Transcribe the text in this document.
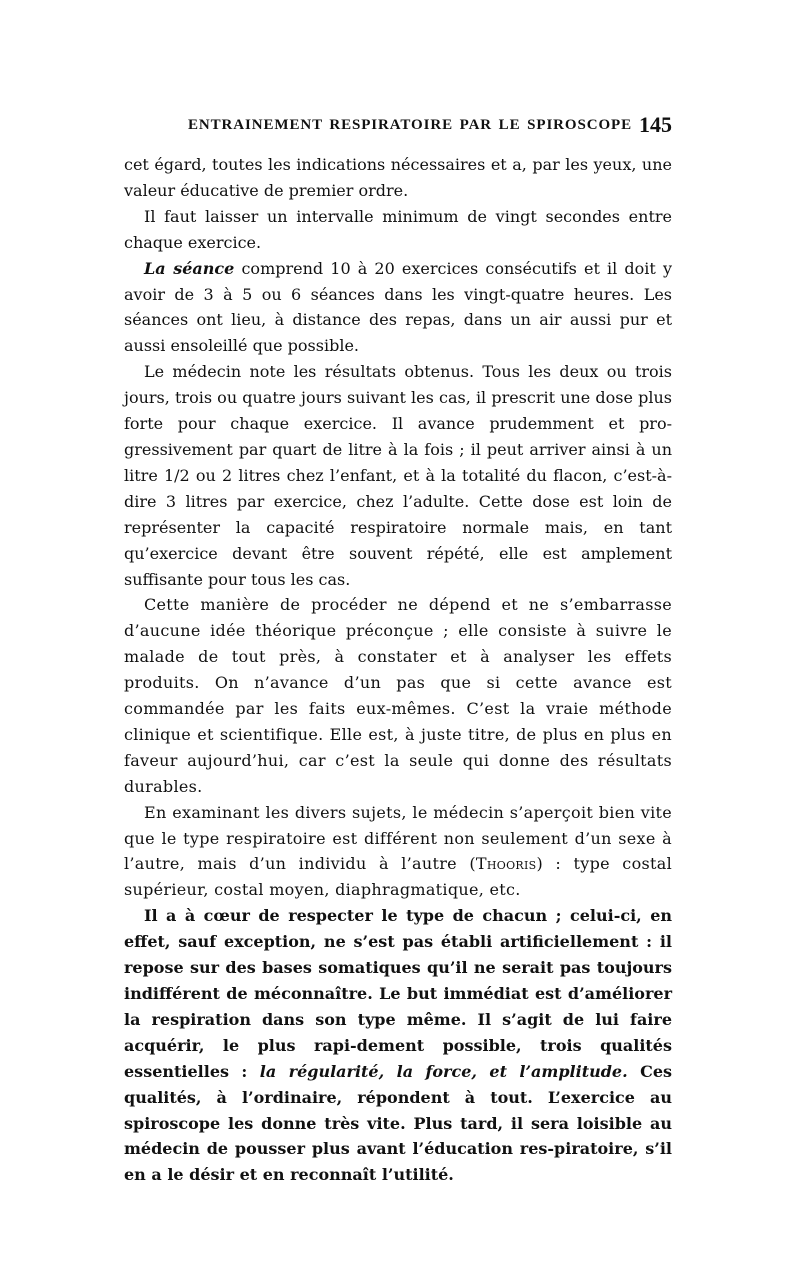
ENTRAINEMENT RESPIRATOIRE PAR LE SPIROSCOPE 145

cet égard, toutes les indications nécessaires et a, par les yeux, une valeur éducative de premier ordre.

Il faut laisser un intervalle minimum de vingt secondes entre chaque exercice.

La séance comprend 10 à 20 exercices consécutifs et il doit y avoir de 3 à 5 ou 6 séances dans les vingt-quatre heures. Les séances ont lieu, à distance des repas, dans un air aussi pur et aussi ensoleillé que possible.

Le médecin note les résultats obtenus. Tous les deux ou trois jours, trois ou quatre jours suivant les cas, il prescrit une dose plus forte pour chaque exercice. Il avance prudemment et pro-gressivement par quart de litre à la fois ; il peut arriver ainsi à un litre 1/2 ou 2 litres chez l’enfant, et à la totalité du flacon, c’est-à-dire 3 litres par exercice, chez l’adulte. Cette dose est loin de représenter la capacité respiratoire normale mais, en tant qu’exercice devant être souvent répété, elle est amplement suffisante pour tous les cas.

Cette manière de procéder ne dépend et ne s’embarrasse d’aucune idée théorique préconçue ; elle consiste à suivre le malade de tout près, à constater et à analyser les effets produits. On n’avance d’un pas que si cette avance est commandée par les faits eux-mêmes. C’est la vraie méthode clinique et scientifique. Elle est, à juste titre, de plus en plus en faveur aujourd’hui, car c’est la seule qui donne des résultats durables.

En examinant les divers sujets, le médecin s’aperçoit bien vite que le type respiratoire est différent non seulement d’un sexe à l’autre, mais d’un individu à l’autre (Thooris) : type costal supérieur, costal moyen, diaphragmatique, etc.

Il a à cœur de respecter le type de chacun ; celui-ci, en effet, sauf exception, ne s’est pas établi artificiellement : il repose sur des bases somatiques qu’il ne serait pas toujours indifférent de méconnaître. Le but immédiat est d’améliorer la respiration dans son type même. Il s’agit de lui faire acquérir, le plus rapi-dement possible, trois qualités essentielles : la régularité, la force, et l’amplitude. Ces qualités, à l’ordinaire, répondent à tout. L’exercice au spiroscope les donne très vite. Plus tard, il sera loisible au médecin de pousser plus avant l’éducation res-piratoire, s’il en a le désir et en reconnaît l’utilité.
